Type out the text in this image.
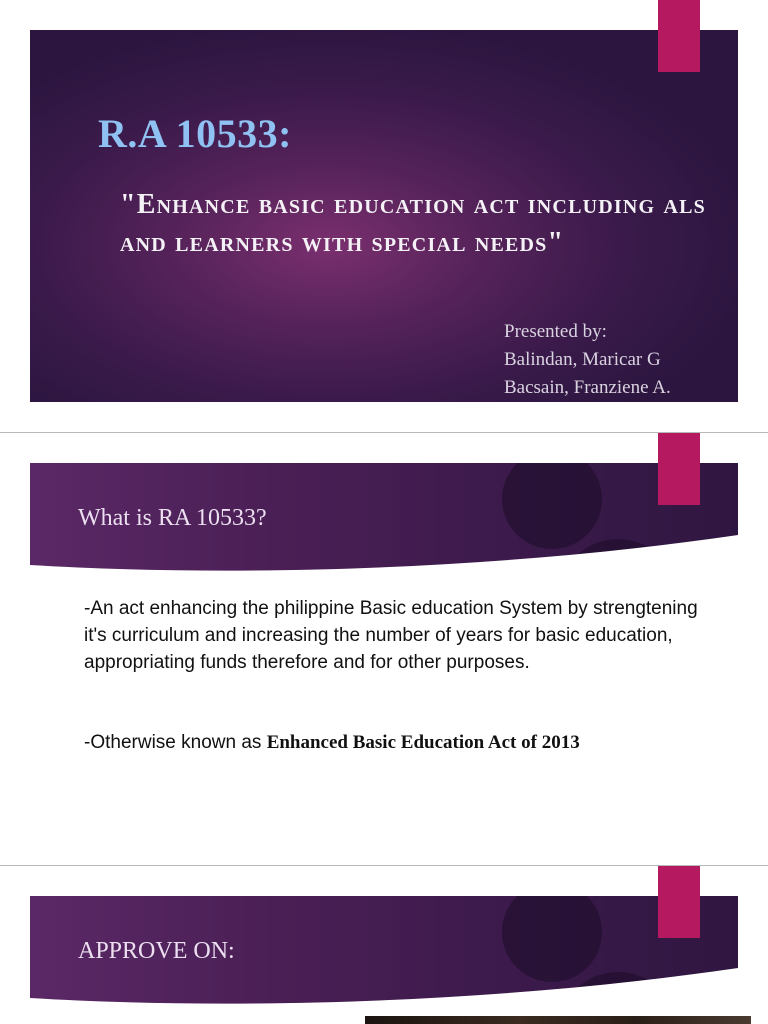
R.A 10533:
"Enhance basic education act including als and learners with special needs"
Presented by:
Balindan, Maricar G
Bacsain, Franziene A.
What is RA 10533?
-An act enhancing the philippine Basic education System by strengtening it's curriculum and increasing the number of years for basic education, appropriating funds therefore and for other purposes.
-Otherwise known as Enhanced Basic Education Act of 2013
APPROVE ON:
